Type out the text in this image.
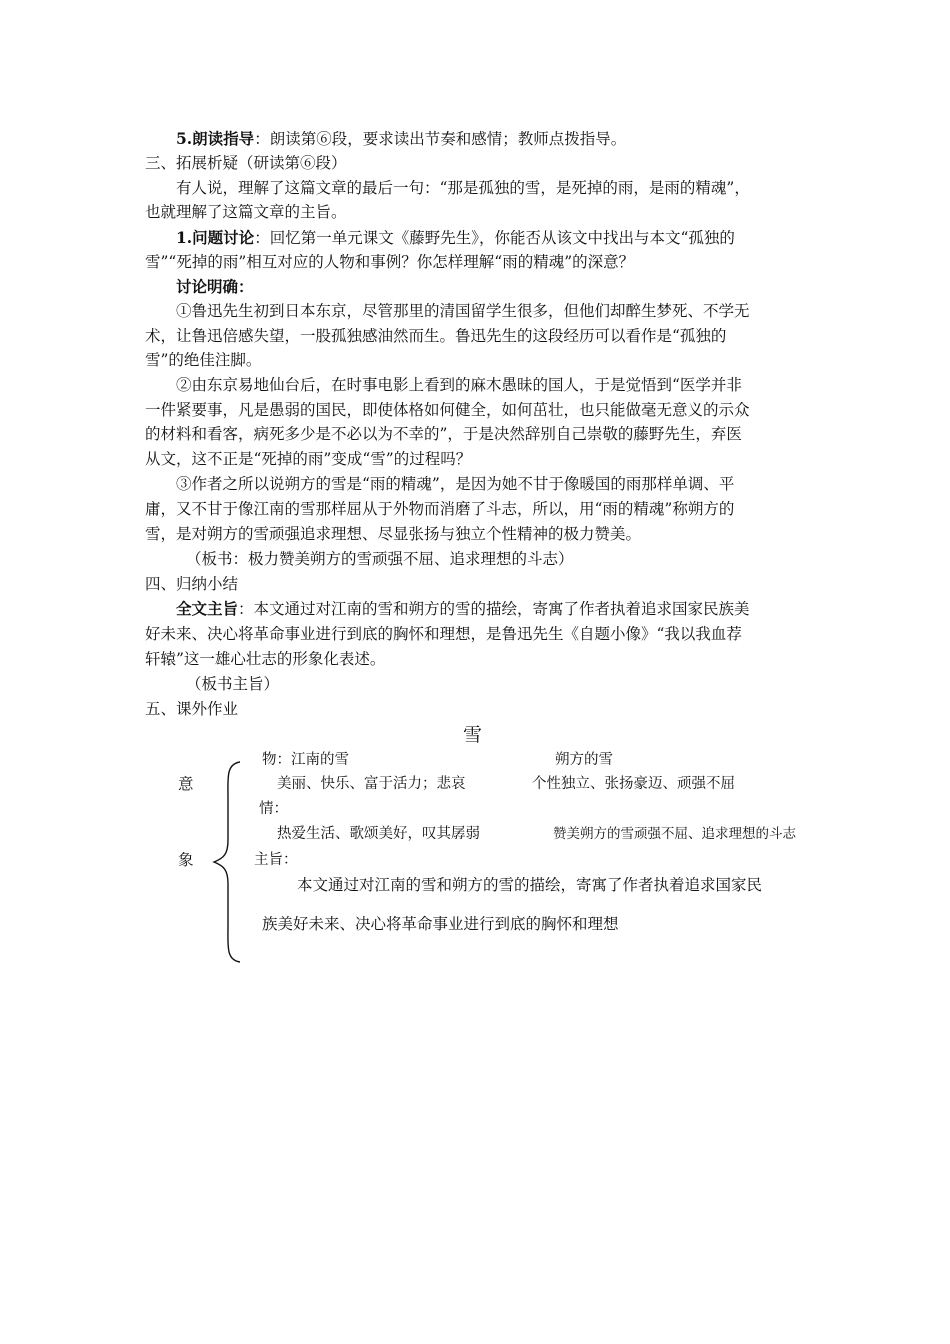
5.朗读指导：朗读第⑥段，要求读出节奏和感情；教师点拨指导。
三、拓展析疑（研读第⑥段）
有人说，理解了这篇文章的最后一句：“那是孤独的雪，是死掉的雨，是雨的精魂”，
也就理解了这篇文章的主旨。
1.问题讨论：回忆第一单元课文《藤野先生》，你能否从该文中找出与本文“孤独的
雪”“死掉的雨”相互对应的人物和事例？你怎样理解“雨的精魂”的深意？
讨论明确：
①鲁迅先生初到日本东京，尽管那里的清国留学生很多，但他们却醉生梦死、不学无
术，让鲁迅倍感失望，一股孤独感油然而生。鲁迅先生的这段经历可以看作是“孤独的
雪”的绝佳注脚。
②由东京易地仙台后，在时事电影上看到的麻木愚昧的国人，于是觉悟到“医学并非
一件紧要事，凡是愚弱的国民，即使体格如何健全，如何茁壮，也只能做毫无意义的示众
的材料和看客，病死多少是不必以为不幸的”，于是决然辞别自己崇敬的藤野先生，弃医
从文，这不正是“死掉的雨”变成“雪”的过程吗？
③作者之所以说朔方的雪是“雨的精魂”，是因为她不甘于像暖国的雨那样单调、平
庸，又不甘于像江南的雪那样屈从于外物而消磨了斗志，所以，用“雨的精魂”称朔方的
雪，是对朔方的雪顽强追求理想、尽显张扬与独立个性精神的极力赞美。
（板书：极力赞美朔方的雪顽强不屈、追求理想的斗志）
四、归纳小结
全文主旨：本文通过对江南的雪和朔方的雪的描绘，寄寓了作者执着追求国家民族美
好未来、决心将革命事业进行到底的胸怀和理想，是鲁迅先生《自题小像》“我以我血荐
轩辕”这一雄心壮志的形象化表述。
（板书主旨）
五、课外作业
雪
意
象
物：江南的雪	朔方的雪
美丽、快乐、富于活力；悲哀	个性独立、张扬豪迈、顽强不屈
情：
热爱生活、歌颂美好，叹其孱弱	赞美朔方的雪顽强不屈、追求理想的斗志
主旨：
本文通过对江南的雪和朔方的雪的描绘，寄寓了作者执着追求国家民
族美好未来、决心将革命事业进行到底的胸怀和理想
